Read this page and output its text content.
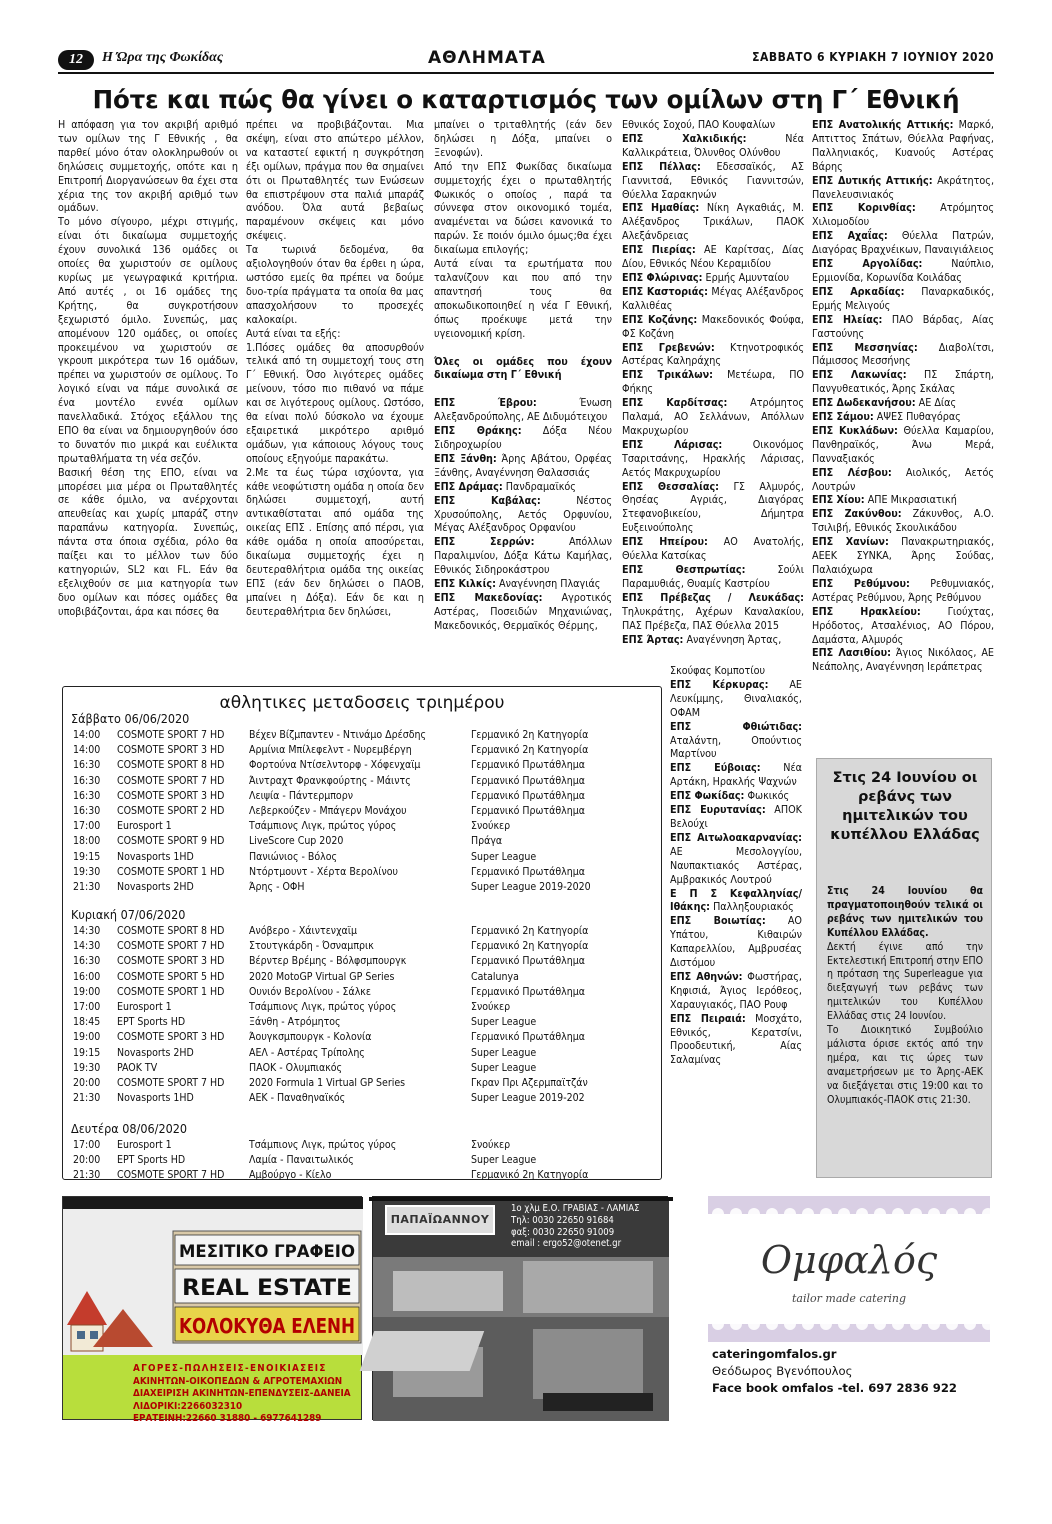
12	Η Ώρα της Φωκίδας	ΑΘΛΗΜΑΤΑ	ΣΑΒΒΑΤΟ 6 ΚΥΡΙΑΚΗ 7 ΙΟΥΝΙΟΥ 2020
Πότε και πώς θα γίνει ο καταρτισμός των ομίλων στη Γ΄ Εθνική

Η απόφαση για τον ακριβή αριθμό των ομίλων της Γ Εθνικής , θα παρθεί μόνο όταν ολοκληρωθούν οι δηλώσεις συμμετοχής, οπότε και η Επιτροπή Διοργανώσεων θα έχει στα χέρια της τον ακριβή αριθμό των ομάδων.

Το μόνο σίγουρο, μέχρι στιγμής, είναι ότι δικαίωμα συμμετοχής έχουν συνολικά 136 ομάδες οι οποίες θα χωριστούν σε ομίλους κυρίως με γεωγραφικά κριτήρια. Από αυτές , οι 16 ομάδες της Κρήτης, θα συγκροτήσουν ξεχωριστό όμιλο. Συνεπώς, μας απομένουν 120 ομάδες, οι οποίες προκειμένου να χωριστούν σε γκρουπ μικρότερα των 16 ομάδων, πρέπει να χωριστούν σε ομίλους. Το λογικό είναι να πάμε συνολικά σε ένα μοντέλο εννέα ομίλων πανελλαδικά. Στόχος εξάλλου της ΕΠΟ θα είναι να δημιουργηθούν όσο το δυνατόν πιο μικρά και ευέλικτα πρωταθλήματα τη νέα σεζόν.

Βασική θέση της ΕΠΟ, είναι να μπορέσει μια μέρα οι Πρωταθλητές σε κάθε όμιλο, να ανέρχονται απευθείας και χωρίς μπαράζ στην παραπάνω κατηγορία. Συνεπώς, πάντα στα όποια σχέδια, ρόλο θα παίξει και το μέλλον των δύο κατηγοριών, SL2 και FL. Εάν θα εξελιχθούν σε μια κατηγορία των δυο ομίλων και πόσες ομάδες θα υποβιβάζονται, άρα και πόσες θα

πρέπει να προβιβάζονται. Μια σκέψη, είναι στο απώτερο μέλλον, να καταστεί εφικτή η συγκρότηση έξι ομίλων, πράγμα που θα σημαίνει ότι οι Πρωταθλητές των Ενώσεων θα επιστρέψουν στα παλιά μπαράζ ανόδου. Όλα αυτά βεβαίως παραμένουν σκέψεις και μόνο σκέψεις.

Τα τωρινά δεδομένα, θα αξιολογηθούν όταν θα έρθει η ώρα, ωστόσο εμείς θα πρέπει να δούμε δυο-τρία πράγματα τα οποία θα μας απασχολήσουν το προσεχές καλοκαίρι.

Αυτά είναι τα εξής:

1.Πόσες ομάδες θα αποσυρθούν τελικά από τη συμμετοχή τους στη Γ΄ Εθνική. Όσο λιγότερες ομάδες μείνουν, τόσο πιο πιθανό να πάμε και σε λιγότερους ομίλους. Ωστόσο, θα είναι πολύ δύσκολο να έχουμε εξαιρετικά μικρότερο αριθμό ομάδων, για κάποιους λόγους τους οποίους εξηγούμε παρακάτω.

2.Με τα έως τώρα ισχύοντα, για κάθε νεοφώτιστη ομάδα η οποία δεν δηλώσει συμμετοχή, αυτή αντικαθίσταται από ομάδα της οικείας ΕΠΣ . Επίσης από πέρσι, για κάθε ομάδα η οποία αποσύρεται, δικαίωμα συμμετοχής έχει η δευτεραθλήτρια ομάδα της οικείας ΕΠΣ (εάν δεν δηλώσει ο ΠΑΟΒ, μπαίνει η Δόξα). Εάν δε και η δευτεραθλήτρια δεν δηλώσει,

μπαίνει ο τριταθλητής (εάν δεν δηλώσει η Δόξα, μπαίνει ο Ξενοφών).

Από την ΕΠΣ Φωκίδας δικαίωμα συμμετοχής έχει ο πρωταθλητής Φωκικός ο οποίος , παρά τα σύννεφα στον οικονομικό τομέα, αναμένεται να δώσει κανονικά το παρών. Σε ποιόν όμιλο όμως;θα έχει δικαίωμα επιλογής;

Αυτά είναι τα ερωτήματα που ταλανίζουν και που από την απαντησή τους θα αποκωδικοποιηθεί η νέα Γ Εθνική, όπως προέκυψε μετά την υγειονομική κρίση.

Όλες οι ομάδες που έχουν δικαίωμα στη Γ΄ Εθνική

ΕΠΣ Έβρου:	Ένωση Αλεξανδρούπολης, ΑΕ Διδυμότειχου

ΕΠΣ Θράκης: Δόξα Νέου Σιδηροχωρίου

ΕΠΣ Ξάνθη: Άρης Αβάτου, Ορφέας Ξάνθης, Αναγέννηση Θαλασσιάς

ΕΠΣ Δράμας: Πανδραμαϊκός

ΕΠΣ Καβάλας:	Νέστος Χρυσούπολης, Αετός Ορφυνίου, Μέγας Αλέξανδρος Ορφανίου

ΕΠΣ Σερρών:	Απόλλων Παραλιμνίου, Δόξα Κάτω Καμήλας, Εθνικός Σιδηροκάστρου

ΕΠΣ Κιλκίς: Αναγέννηση Πλαγιάς

ΕΠΣ Μακεδονίας: Αγροτικός Αστέρας, Ποσειδών Μηχανιώνας, Μακεδονικός, Θερμαϊκός Θέρμης,

Εθνικός Σοχού, ΠΑΟ Κουφαλίων

ΕΠΣ Χαλκιδικής:	Νέα Καλλικράτεια, Όλυνθος Ολύνθου

ΕΠΣ Πέλλας: Εδεσσαϊκός, ΑΣ Γιαννιτσά, Εθνικός Γιαννιτσών, Θύελλα Σαρακηνών

ΕΠΣ Ημαθίας: Νίκη Αγκαθιάς, Μ. Αλέξανδρος Τρικάλων, ΠΑΟΚ Αλεξάνδρειας

ΕΠΣ Πιερίας: ΑΕ Καρίτσας, Δίας Δίου, Εθνικός Νέου Κεραμιδίου

ΕΠΣ Φλώρινας: Ερμής Αμυνταίου

ΕΠΣ Καστοριάς: Μέγας Αλέξανδρος Καλλιθέας

ΕΠΣ Κοζάνης: Μακεδονικός Φούφα, ΦΣ Κοζάνη

ΕΠΣ Γρεβενών: Κτηνοτροφικός Αστέρας Καληράχης

ΕΠΣ Τρικάλων: Μετέωρα, ΠΟ Φήκης

ΕΠΣ Καρδίτσας: Ατρόμητος Παλαμά, ΑΟ Σελλάνων, Απόλλων Μακρυχωρίου

ΕΠΣ Λάρισας:	Οικονόμος Τσαριτσάνης, Ηρακλής Λάρισας, Αετός Μακρυχωρίου

ΕΠΣ Θεσσαλίας: ΓΣ Αλμυρός, Θησέας Αγριάς, Διαγόρας Στεφανοβικείου, Δήμητρα Ευξεινούπολης

ΕΠΣ Ηπείρου: ΑΟ Ανατολής, Θύελλα Κατσίκας

ΕΠΣ Θεσπρωτίας:	Σούλι Παραμυθιάς, Θυαμίς Καστρίου

ΕΠΣ Πρέβεζας / Λευκάδας: Τηλυκράτης, Αχέρων Καναλακίου, ΠΑΣ Πρέβεζα, ΠΑΣ Θύελλα 2015

ΕΠΣ Άρτας: Αναγέννηση Άρτας,

Σκούφας Κομποτίου

ΕΠΣ Κέρκυρας: ΑΕ Λευκίμμης, Θιναλιακός, ΟΦΑΜ

ΕΠΣ Φθιώτιδας: Αταλάντη, Οπούντιος Μαρτίνου

ΕΠΣ Εύβοιας: Νέα Αρτάκη, Ηρακλής Ψαχνών

ΕΠΣ Φωκίδας: Φωκικός

ΕΠΣ Ευρυτανίας: ΑΠΟΚ Βελούχι

ΕΠΣ Αιτωλοακαρνανίας: ΑΕ Μεσολογγίου, Ναυπακτιακός Αστέρας, Αμβρακικός Λουτρού

Ε Π Σ Κεφαλληνίας/Ιθάκης: Παλληξουριακός

ΕΠΣ Βοιωτίας: ΑΟ Υπάτου, Κιθαιρών Καπαρελλίου, Αμβρυσέας Διστόμου

ΕΠΣ Αθηνών: Φωστήρας, Κηφισιά, Άγιος Ιερόθεος, Χαραυγιακός, ΠΑΟ Ρουφ

ΕΠΣ Πειραιά: Μοσχάτο, Εθνικός, Κερατσίνι, Προοδευτική, Αίας Σαλαμίνας

ΕΠΣ Ανατολικής Αττικής: Μαρκό, Απτιττος Σπάτων, Θύελλα Ραφήνας, Παλληνιακός, Κυανούς Αστέρας Βάρης

ΕΠΣ Δυτικής Αττικής: Ακράτητος, Πανελευσινιακός

ΕΠΣ Κορινθίας: Ατρόμητος Χιλιομοδίου

ΕΠΣ Αχαΐας: Θύελλα Πατρών, Διαγόρας Βραχνέικων, Παναιγιάλειος

ΕΠΣ Αργολίδας:	Ναύπλιο, Ερμιονίδα, Κορωνίδα Κοιλάδας

ΕΠΣ Αρκαδίας: Παναρκαδικός, Ερμής Μελιγούς

ΕΠΣ Ηλείας: ΠΑΟ Βάρδας, Αίας Γαστούνης

ΕΠΣ Μεσσηνίας: Διαβολίτσι, Πάμισσος Μεσσήνης

ΕΠΣ Λακωνίας: ΠΣ Σπάρτη, Πανγυθεατικός, Άρης Σκάλας

ΕΠΣ Δωδεκανήσου: ΑΕ Δίας

ΕΠΣ Σάμου: ΑΨΕΣ Πυθαγόρας

ΕΠΣ Κυκλάδων: Θύελλα Καμαρίου, Πανθηραϊκός, Άνω Μερά, Πανναξιακός

ΕΠΣ Λέσβου: Αιολικός, Αετός Λουτρών

ΕΠΣ Χίου: ΑΠΕ Μικρασιατική

ΕΠΣ Ζακύνθου: Ζάκυνθος, Α.Ο. Τσιλιβή, Εθνικός Σκουλικάδου

ΕΠΣ Χανίων: Πανακρωτηριακός, ΑΕΕΚ ΣΥΝΚΑ, Άρης Σούδας, Παλαιόχωρα

ΕΠΣ Ρεθύμνου: Ρεθυμνιακός, Αστέρας Ρεθύμνου, Άρης Ρεθύμνου

ΕΠΣ Ηρακλείου:	Γιούχτας, Ηρόδοτος, Ατσαλένιος, ΑΟ Πόρου, Δαμάστα, Αλμυρός

ΕΠΣ Λασιθίου: Άγιος Νικόλαος, ΑΕ Νεάπολης, Αναγέννηση Ιεράπετρας

αθλητικες μεταδοσεις τριημέρου
Σάββατο 06/06/2020
14:00	COSMOTE SPORT 7 HD	Βέχεν Βίζμπαντεν - Ντινάμο Δρέσδης	Γερμανικό 2η Κατηγορία
14:00	COSMOTE SPORT 3 HD	Αρμίνια Μπίλεφελντ - Νυρεμβέργη	Γερμανικό 2η Κατηγορία
16:30	COSMOTE SPORT 8 HD	Φορτούνα Ντίσελντορφ - Χόφενχαϊμ	Γερμανικό Πρωτάθλημα
16:30	COSMOTE SPORT 7 HD	Άιντραχτ Φρανκφούρτης - Μάιντς	Γερμανικό Πρωτάθλημα
16:30	COSMOTE SPORT 3 HD	Λειψία - Πάντερμπορν	Γερμανικό Πρωτάθλημα
16:30	COSMOTE SPORT 2 HD	Λεβερκούζεν - Μπάγερν Μονάχου	Γερμανικό Πρωτάθλημα
17:00	Eurosport 1	Τσάμπιονς Λιγκ, πρώτος γύρος	Σνούκερ
18:00	COSMOTE SPORT 9 HD	LiveScore Cup 2020	Πράγα
19:15	Novasports 1HD	Πανιώνιος - Βόλος	Super League
19:30	COSMOTE SPORT 1 HD	Ντόρτμουντ - Χέρτα Βερολίνου	Γερμανικό Πρωτάθλημα
21:30	Novasports 2HD	Άρης - ΟΦΗ	Super League 2019-2020
Κυριακή 07/06/2020
14:30	COSMOTE SPORT 8 HD	Ανόβερο - Χάιντενχαϊμ	Γερμανικό 2η Κατηγορία
14:30	COSMOTE SPORT 7 HD	Στουτγκάρδη - Όσναμπρικ	Γερμανικό 2η Κατηγορία
16:30	COSMOTE SPORT 3 HD	Βέρντερ Βρέμης - Βόλφσμπουργκ	Γερμανικό Πρωτάθλημα
16:00	COSMOTE SPORT 5 HD	2020 MotoGP Virtual GP Series	Catalunya
19:00	COSMOTE SPORT 1 HD	Ουνιόν Βερολίνου - Σάλκε	Γερμανικό Πρωτάθλημα
17:00	Eurosport 1	Τσάμπιονς Λιγκ, πρώτος γύρος	Σνούκερ
18:45	EPT Sports HD	Ξάνθη - Ατρόμητος	Super League
19:00	COSMOTE SPORT 3 HD	Άουγκσμπουργκ - Κολονία	Γερμανικό Πρωτάθλημα
19:15	Novasports 2HD	ΑΕΛ - Αστέρας Τρίπολης	Super League
19:30	PAOK TV	ΠΑΟΚ - Ολυμπιακός	Super League
20:00	COSMOTE SPORT 7 HD	2020 Formula 1 Virtual GP Series	Γκραν Πρι Αζερμπαϊτζάν
21:30	Novasports 1HD	ΑΕΚ - Παναθηναϊκός	Super League 2019-202
Δευτέρα 08/06/2020
17:00	Eurosport 1	Τσάμπιονς Λιγκ, πρώτος γύρος	Σνούκερ
20:00	EPT Sports HD	Λαμία - Παναιτωλικός	Super League
21:30	COSMOTE SPORT 7 HD	Αμβούργο - Κίελο	Γερμανικό 2η Κατηγορία
Στις 24 Ιουνίου οι ρεβάνς των ημιτελικών του κυπέλλου Ελλάδας

Στις 24 Ιουνίου θα πραγματοποιηθούν τελικά οι ρεβάνς των ημιτελικών του Κυπέλλου Ελλάδας.

Δεκτή έγινε από την Εκτελεστική Επιτροπή στην ΕΠΟ η πρόταση της Superleague για διεξαγωγή των ρεβάνς των ημιτελικών του Κυπέλλου Ελλάδας στις 24 Ιουνίου.

Το Διοικητικό Συμβούλιο μάλιστα όρισε εκτός από την ημέρα, και τις ώρες των αναμετρήσεων με το Άρης-ΑΕΚ να διεξάγεται στις 19:00 και το Ολυμπιακός-ΠΑΟΚ στις 21:30.

ΜΕΣΙΤΙΚΟ ΓΡΑΦΕΙΟ
REAL ESTATE
ΚΟΛΟΚΥΘΑ ΕΛΕΝΗ
ΑΓΟΡΕΣ-ΠΩΛΗΣΕΙΣ-ΕΝΟΙΚΙΑΣΕΙΣ
ΑΚΙΝΗΤΩΝ-ΟΙΚΟΠΕΔΩΝ & ΑΓΡΟΤΕΜΑΧΙΩΝ
ΔΙΑΧΕΙΡΙΣΗ ΑΚΙΝΗΤΩΝ-ΕΠΕΝΔΥΣΕΙΣ-ΔΑΝΕΙΑ
ΛΙΔΟΡΙΚΙ:2266032310
ΕΡΑΤΕΙΝΗ:22660 31880 - 6977641289
ΠΑΠΑΪΩΑΝΝΟΥ
1ο χλμ Ε.Ο. ΓΡΑΒΙΑΣ - ΛΑΜΙΑΣ
Τηλ: 0030 22650 91684
φαξ: 0030 22650 91009
email : ergo52@otenet.gr	Ομφαλός
tailor made catering
cateringomfalos.gr
Θεόδωρος Βγενόπουλος
Face book omfalos -tel. 697 2836 922
